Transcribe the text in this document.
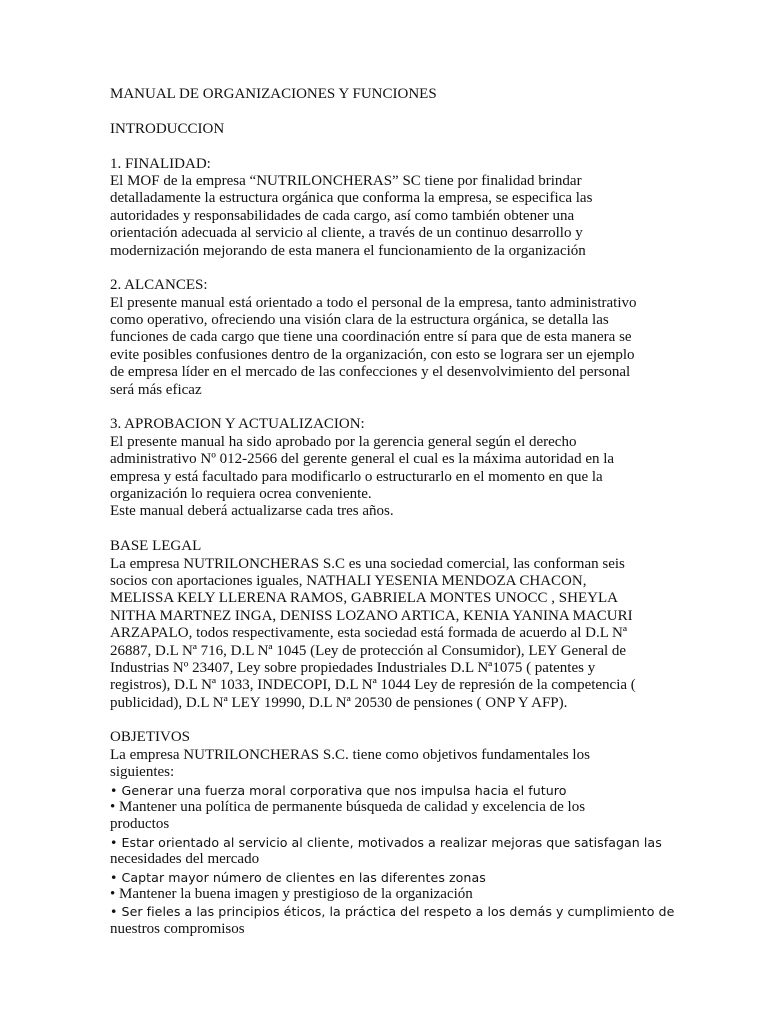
MANUAL DE ORGANIZACIONES Y FUNCIONES

INTRODUCCION

1. FINALIDAD:

El MOF de la empresa “NUTRILONCHERAS” SC tiene por finalidad brindar

detalladamente la estructura orgánica que conforma la empresa, se especifica las

autoridades y responsabilidades de cada cargo, así como también obtener una

orientación adecuada al servicio al cliente, a través de un continuo desarrollo y

modernización mejorando de esta manera el funcionamiento de la organización

2. ALCANCES:

El presente manual está orientado a todo el personal de la empresa, tanto administrativo

como operativo, ofreciendo una visión clara de la estructura orgánica, se detalla las

funciones de cada cargo que tiene una coordinación entre sí para que de esta manera se

evite posibles confusiones dentro de la organización, con esto se lograra ser un ejemplo

de empresa líder en el mercado de las confecciones y el desenvolvimiento del personal

será más eficaz

3. APROBACION Y ACTUALIZACION:

El presente manual ha sido aprobado por la gerencia general según el derecho

administrativo Nº 012-2566 del gerente general el cual es la máxima autoridad en la

empresa y está facultado para modificarlo o estructurarlo en el momento en que la

organización lo requiera ocrea conveniente.

Este manual deberá actualizarse cada tres años.

BASE LEGAL

La empresa NUTRILONCHERAS S.C es una sociedad comercial, las conforman seis

socios con aportaciones iguales, NATHALI YESENIA MENDOZA CHACON,

MELISSA KELY LLERENA RAMOS, GABRIELA MONTES UNOCC , SHEYLA

NITHA MARTNEZ INGA, DENISS LOZANO ARTICA, KENIA YANINA MACURI

ARZAPALO, todos respectivamente, esta sociedad está formada de acuerdo al D.L Nª

26887, D.L Nª 716, D.L Nª 1045 (Ley de protección al Consumidor), LEY General de

Industrias Nº 23407, Ley sobre propiedades Industriales D.L Nª1075 ( patentes y

registros), D.L Nª 1033, INDECOPI, D.L Nª 1044 Ley de represión de la competencia (

publicidad), D.L Nª LEY 19990, D.L Nª 20530 de pensiones ( ONP Y AFP).

OBJETIVOS

La empresa NUTRILONCHERAS S.C. tiene como objetivos fundamentales los

siguientes:

• Generar una fuerza moral corporativa que nos impulsa hacia el futuro

• Mantener una política de permanente búsqueda de calidad y excelencia de los

productos

• Estar orientado al servicio al cliente, motivados a realizar mejoras que satisfagan las

necesidades del mercado

• Captar mayor número de clientes en las diferentes zonas

• Mantener la buena imagen y prestigioso de la organización

• Ser fieles a las principios éticos, la práctica del respeto a los demás y cumplimiento de

nuestros compromisos
